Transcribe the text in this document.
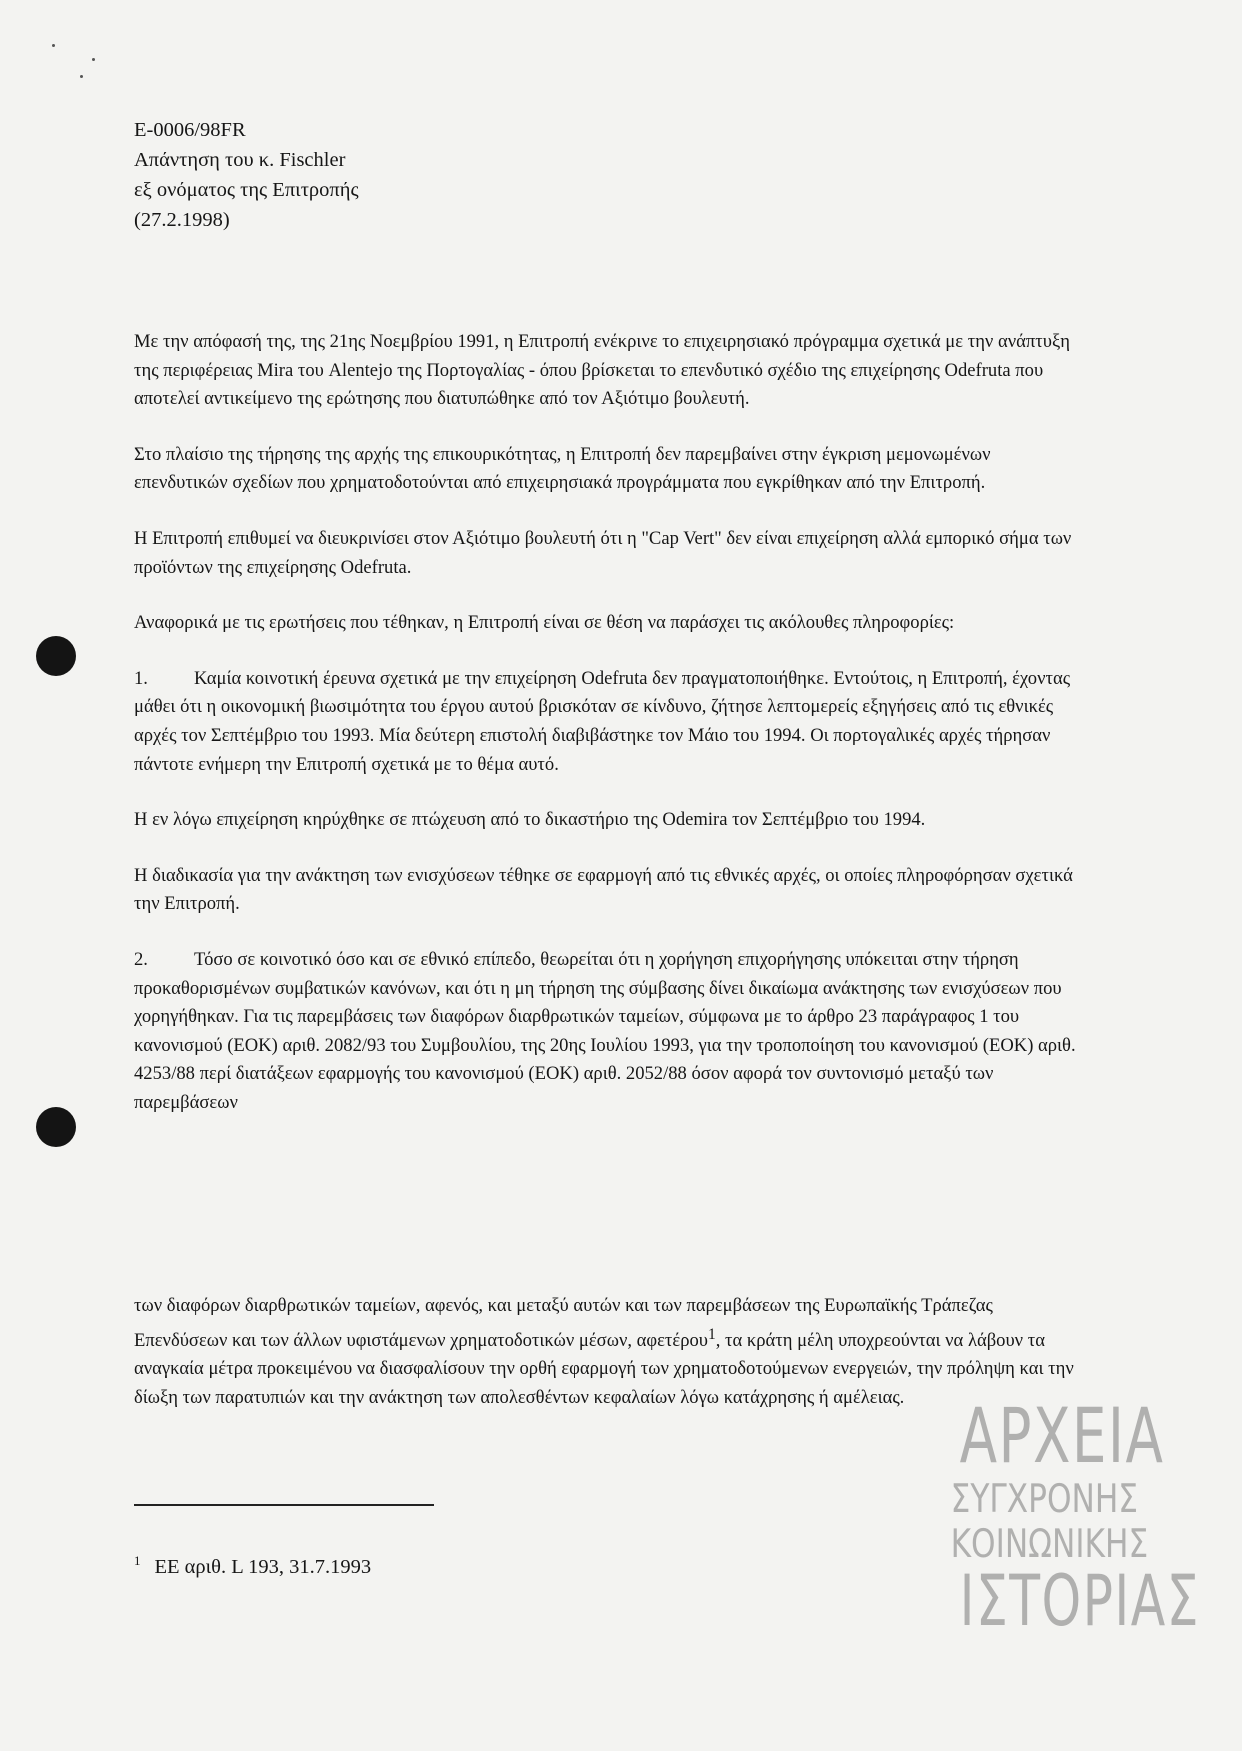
E-0006/98FR
Απάντηση του κ. Fischler
εξ ονόματος της Επιτροπής
(27.2.1998)

Με την απόφασή της, της 21ης Νοεμβρίου 1991, η Επιτροπή ενέκρινε το επιχειρησιακό πρόγραμμα σχετικά με την ανάπτυξη της περιφέρειας Mira του Alentejo της Πορτογαλίας - όπου βρίσκεται το επενδυτικό σχέδιο της επιχείρησης Odefruta που αποτελεί αντικείμενο της ερώτησης που διατυπώθηκε από τον Αξιότιμο βουλευτή.

Στο πλαίσιο της τήρησης της αρχής της επικουρικότητας, η Επιτροπή δεν παρεμβαίνει στην έγκριση μεμονωμένων επενδυτικών σχεδίων που χρηματοδοτούνται από επιχειρησιακά προγράμματα που εγκρίθηκαν από την Επιτροπή.

Η Επιτροπή επιθυμεί να διευκρινίσει στον Αξιότιμο βουλευτή ότι η "Cap Vert" δεν είναι επιχείρηση αλλά εμπορικό σήμα των προϊόντων της επιχείρησης Odefruta.

Αναφορικά με τις ερωτήσεις που τέθηκαν, η Επιτροπή είναι σε θέση να παράσχει τις ακόλουθες πληροφορίες:

1. Καμία κοινοτική έρευνα σχετικά με την επιχείρηση Odefruta δεν πραγματοποιήθηκε. Εντούτοις, η Επιτροπή, έχοντας μάθει ότι η οικονομική βιωσιμότητα του έργου αυτού βρισκόταν σε κίνδυνο, ζήτησε λεπτομερείς εξηγήσεις από τις εθνικές αρχές τον Σεπτέμβριο του 1993. Μία δεύτερη επιστολή διαβιβάστηκε τον Μάιο του 1994. Οι πορτογαλικές αρχές τήρησαν πάντοτε ενήμερη την Επιτροπή σχετικά με το θέμα αυτό.

Η εν λόγω επιχείρηση κηρύχθηκε σε πτώχευση από το δικαστήριο της Odemira τον Σεπτέμβριο του 1994.

Η διαδικασία για την ανάκτηση των ενισχύσεων τέθηκε σε εφαρμογή από τις εθνικές αρχές, οι οποίες πληροφόρησαν σχετικά την Επιτροπή.

2. Τόσο σε κοινοτικό όσο και σε εθνικό επίπεδο, θεωρείται ότι η χορήγηση επιχορήγησης υπόκειται στην τήρηση προκαθορισμένων συμβατικών κανόνων, και ότι η μη τήρηση της σύμβασης δίνει δικαίωμα ανάκτησης των ενισχύσεων που χορηγήθηκαν. Για τις παρεμβάσεις των διαφόρων διαρθρωτικών ταμείων, σύμφωνα με το άρθρο 23 παράγραφος 1 του κανονισμού (ΕΟΚ) αριθ. 2082/93 του Συμβουλίου, της 20ης Ιουλίου 1993, για την τροποποίηση του κανονισμού (ΕΟΚ) αριθ. 4253/88 περί διατάξεων εφαρμογής του κανονισμού (ΕΟΚ) αριθ. 2052/88 όσον αφορά τον συντονισμό μεταξύ των παρεμβάσεων

των διαφόρων διαρθρωτικών ταμείων, αφενός, και μεταξύ αυτών και των παρεμβάσεων της Ευρωπαϊκής Τράπεζας Επενδύσεων και των άλλων υφιστάμενων χρηματοδοτικών μέσων, αφετέρου$^1$, τα κράτη μέλη υποχρεούνται να λάβουν τα αναγκαία μέτρα προκειμένου να διασφαλίσουν την ορθή εφαρμογή των χρηματοδοτούμενων ενεργειών, την πρόληψη και την δίωξη των παρατυπιών και την ανάκτηση των απολεσθέντων κεφαλαίων λόγω κατάχρησης ή αμέλειας.

$^1$ ΕΕ αριθ. L 193, 31.7.1993
ΑΡΧΕΙΑ
ΣΥΓΧΡΟΝΗΣ
ΚΟΙΝΩΝΙΚΗΣ
ΙΣΤΟΡΙΑΣ
